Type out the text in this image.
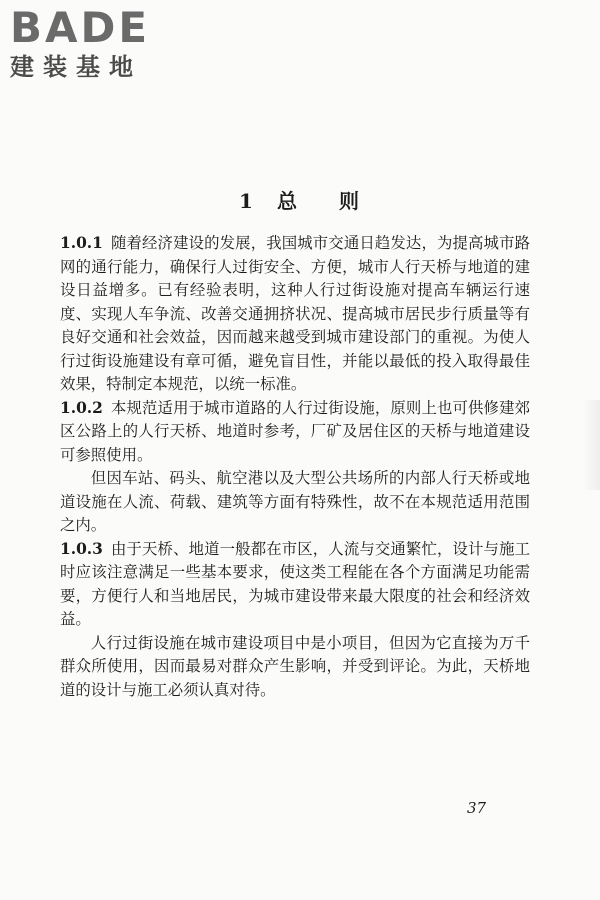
BADE
建装基地
1 总 则

1.0.1 随着经济建设的发展，我国城市交通日趋发达，为提高城市路网的通行能力，确保行人过街安全、方便，城市人行天桥与地道的建设日益增多。已有经验表明，这种人行过街设施对提高车辆运行速度、实现人车争流、改善交通拥挤状况、提高城市居民步行质量等有良好交通和社会效益，因而越来越受到城市建设部门的重视。为使人行过街设施建设有章可循，避免盲目性，并能以最低的投入取得最佳效果，特制定本规范，以统一标准。

1.0.2 本规范适用于城市道路的人行过街设施，原则上也可供修建郊区公路上的人行天桥、地道时参考，厂矿及居住区的天桥与地道建设可参照使用。

但因车站、码头、航空港以及大型公共场所的内部人行天桥或地道设施在人流、荷载、建筑等方面有特殊性，故不在本规范适用范围之内。

1.0.3 由于天桥、地道一般都在市区，人流与交通繁忙，设计与施工时应该注意满足一些基本要求，使这类工程能在各个方面满足功能需要，方便行人和当地居民，为城市建设带来最大限度的社会和经济效益。

人行过街设施在城市建设项目中是小项目，但因为它直接为万千群众所使用，因而最易对群众产生影响，并受到评论。为此，天桥地道的设计与施工必须认真对待。

37
